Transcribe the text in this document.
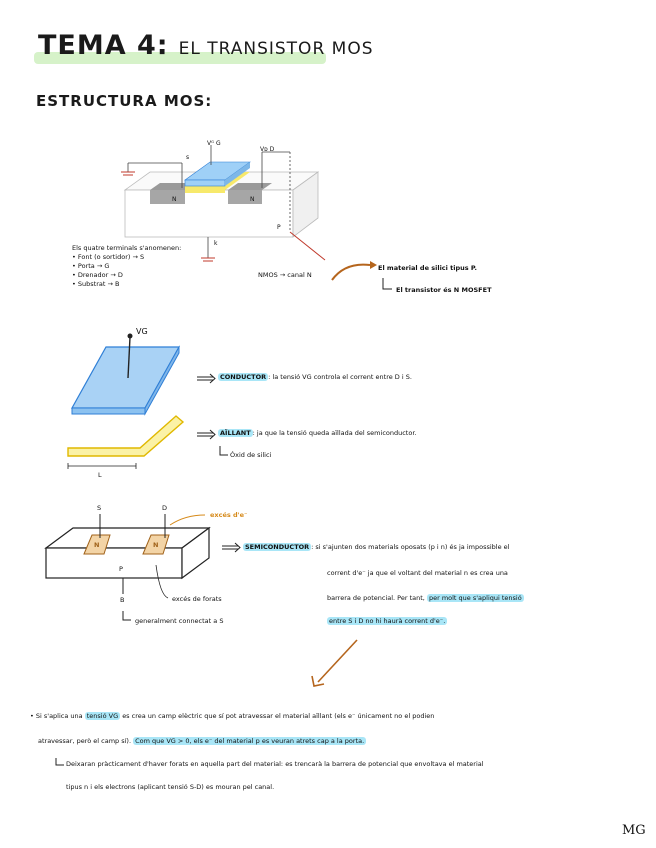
TEMA 4: EL TRANSISTOR MOS
ESTRUCTURA MOS:
Vᴳ G
Vᴅ D
s
N	N
P
k
Els quatre terminals s'anomenen:
• Font (o sortidor) → S
• Porta → G
• Drenador → D
• Substrat → B
NMOS → canal N
El material de silici tipus P.
El transistor és N MOSFET
VG
CONDUCTOR : la tensió VG controla el corrent entre D i S.
AÏLLANT : ja que la tensió queda aïllada del semiconductor.
Óxid de silici
L
S	D
N	N
P
B
excés d'e⁻
excés de forats
generalment connectat a S
SEMICONDUCTOR : si s'ajunten dos materials oposats (p i n) és ja impossible el
corrent d'e⁻ ja que el voltant del material n es crea una
barrera de potencial. Per tant, per molt que s'apliqui tensió
entre S i D no hi haurà corrent d'e⁻.
• Si s'aplica una tensió VG es crea un camp elèctric que sí pot atravessar el material aïllant (els e⁻ únicament no el podien
atravessar, però el camp sí). Com que VG > 0, els e⁻ del material p es veuran atrets cap a la porta.
Deixaran pràcticament d'haver forats en aquella part del material: es trencarà la barrera de potencial que envoltava el material
tipus n i els electrons (aplicant tensió S-D) es mouran pel canal.
MG
